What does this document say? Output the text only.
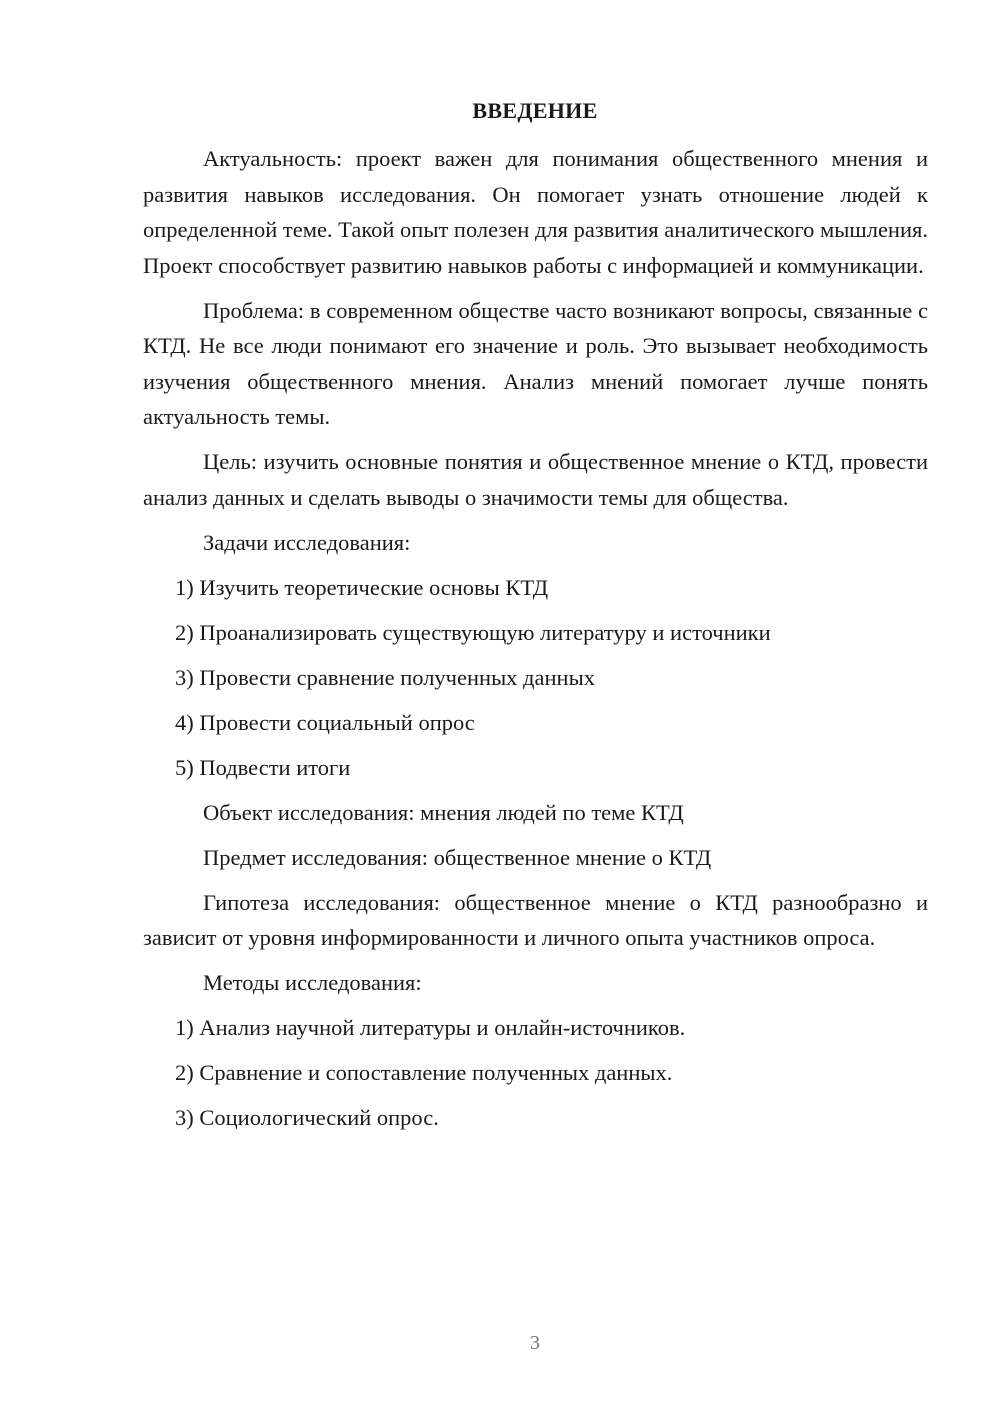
ВВЕДЕНИЕ

Актуальность: проект важен для понимания общественного мнения и развития навыков исследования. Он помогает узнать отношение людей к определенной теме. Такой опыт полезен для развития аналитического мышления. Проект способствует развитию навыков работы с информацией и коммуникации.

Проблема: в современном обществе часто возникают вопросы, связанные с КТД. Не все люди понимают его значение и роль. Это вызывает необходимость изучения общественного мнения. Анализ мнений помогает лучше понять актуальность темы.

Цель: изучить основные понятия и общественное мнение о КТД, провести анализ данных и сделать выводы о значимости темы для общества.

Задачи исследования:

1) Изучить теоретические основы КТД

2) Проанализировать существующую литературу и источники

3) Провести сравнение полученных данных

4) Провести социальный опрос

5) Подвести итоги

Объект исследования: мнения людей по теме КТД

Предмет исследования: общественное мнение о КТД

Гипотеза исследования: общественное мнение о КТД разнообразно и зависит от уровня информированности и личного опыта участников опроса.

Методы исследования:

1) Анализ научной литературы и онлайн-источников.

2) Сравнение и сопоставление полученных данных.

3) Социологический опрос.

3
